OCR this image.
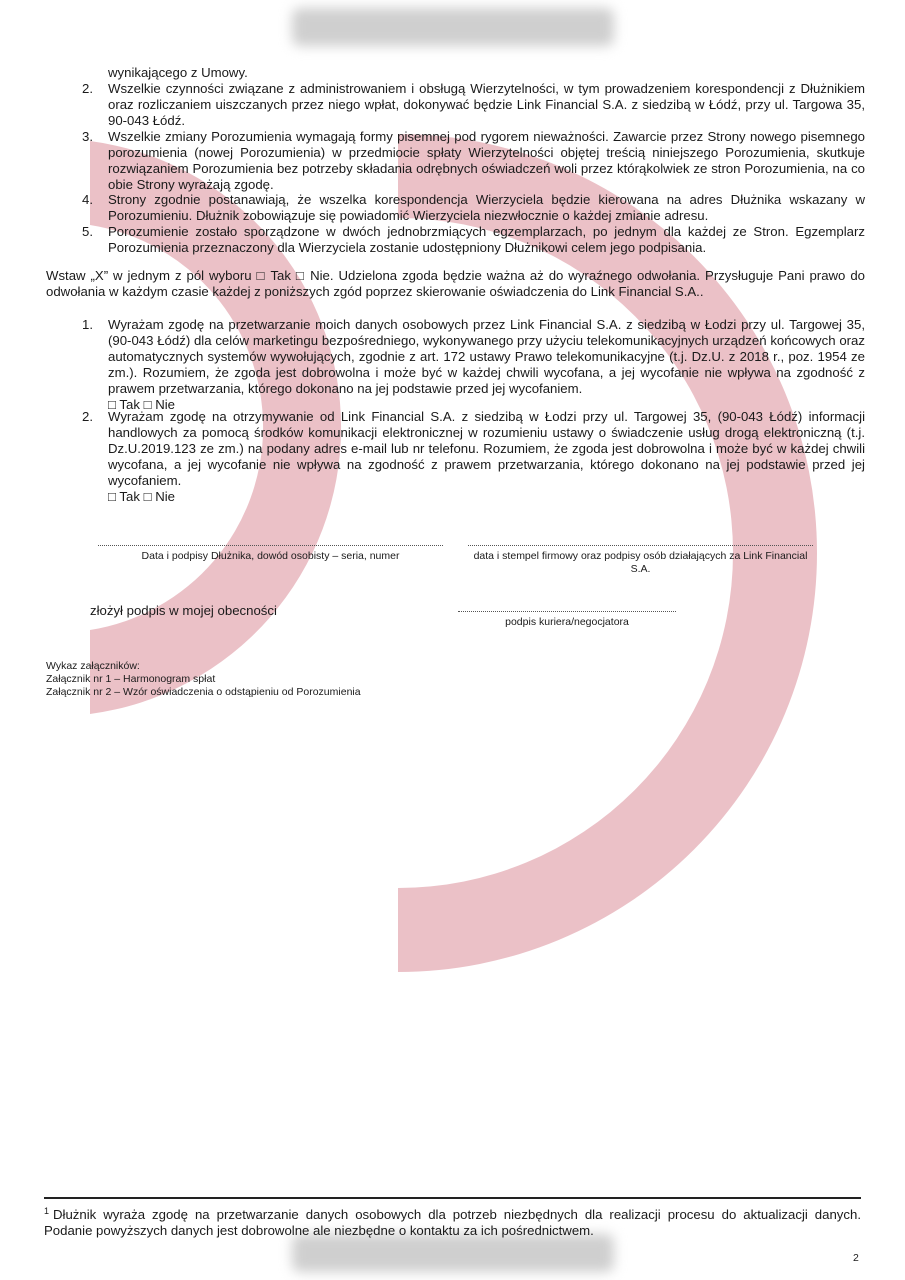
wynikającego z Umowy.
2. Wszelkie czynności związane z administrowaniem i obsługą Wierzytelności, w tym prowadzeniem korespondencji z Dłużnikiem oraz rozliczaniem uiszczanych przez niego wpłat, dokonywać będzie Link Financial S.A. z siedzibą w Łódź, przy ul. Targowa 35, 90-043 Łódź.
3. Wszelkie zmiany Porozumienia wymagają formy pisemnej pod rygorem nieważności. Zawarcie przez Strony nowego pisemnego porozumienia (nowej Porozumienia) w przedmiocie spłaty Wierzytelności objętej treścią niniejszego Porozumienia, skutkuje rozwiązaniem Porozumienia bez potrzeby składania odrębnych oświadczeń woli przez którąkolwiek ze stron Porozumienia, na co obie Strony wyrażają zgodę.
4. Strony zgodnie postanawiają, że wszelka korespondencja Wierzyciela będzie kierowana na adres Dłużnika wskazany w Porozumieniu. Dłużnik zobowiązuje się powiadomić Wierzyciela niezwłocznie o każdej zmianie adresu.
5. Porozumienie zostało sporządzone w dwóch jednobrzmiących egzemplarzach, po jednym dla każdej ze Stron. Egzemplarz Porozumienia przeznaczony dla Wierzyciela zostanie udostępniony Dłużnikowi celem jego podpisania.
Wstaw „X” w jednym z pól wyboru □ Tak □ Nie. Udzielona zgoda będzie ważna aż do wyraźnego odwołania. Przysługuje Pani prawo do odwołania w każdym czasie każdej z poniższych zgód poprzez skierowanie oświadczenia do Link Financial S.A..
1. Wyrażam zgodę na przetwarzanie moich danych osobowych przez Link Financial S.A. z siedzibą w Łodzi przy ul. Targowej 35, (90-043 Łódź) dla celów marketingu bezpośredniego, wykonywanego przy użyciu telekomunikacyjnych urządzeń końcowych oraz automatycznych systemów wywołujących, zgodnie z art. 172 ustawy Prawo telekomunikacyjne (t.j. Dz.U. z 2018 r., poz. 1954 ze zm.). Rozumiem, że zgoda jest dobrowolna i może być w każdej chwili wycofana, a jej wycofanie nie wpływa na zgodność z prawem przetwarzania, którego dokonano na jej podstawie przed jej wycofaniem.
□ Tak □ Nie
2. Wyrażam zgodę na otrzymywanie od Link Financial S.A. z siedzibą w Łodzi przy ul. Targowej 35, (90-043 Łódź) informacji handlowych za pomocą środków komunikacji elektronicznej w rozumieniu ustawy o świadczenie usług drogą elektroniczną (t.j. Dz.U.2019.123 ze zm.) na podany adres e-mail lub nr telefonu. Rozumiem, że zgoda jest dobrowolna i może być w każdej chwili wycofana, a jej wycofanie nie wpływa na zgodność z prawem przetwarzania, którego dokonano na jej podstawie przed jej wycofaniem.
□ Tak □ Nie
Data i podpisy Dłużnika, dowód osobisty – seria, numer	data i stempel firmowy oraz podpisy osób działających za Link Financial S.A.
złożył podpis w mojej obecności
podpis kuriera/negocjatora
Wykaz załączników:
Załącznik nr 1 – Harmonogram spłat
Załącznik nr 2 – Wzór oświadczenia o odstąpieniu od Porozumienia
$^1$ Dłużnik wyraża zgodę na przetwarzanie danych osobowych dla potrzeb niezbędnych dla realizacji procesu do aktualizacji danych. Podanie powyższych danych jest dobrowolne ale niezbędne o kontaktu za ich pośrednictwem.
2
